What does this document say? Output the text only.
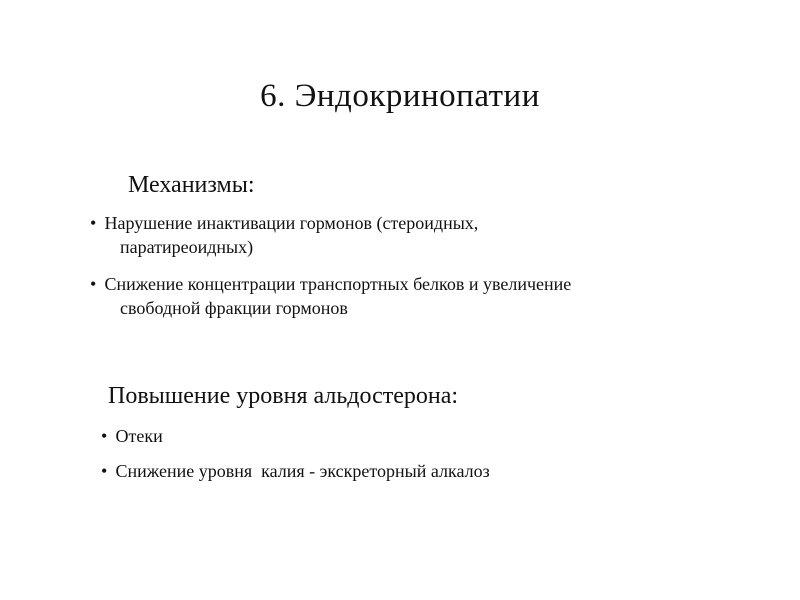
6. Эндокринопатии
Механизмы:
• Нарушение инактивации гормонов (стероидных,
паратиреоидных)
• Снижение концентрации транспортных белков и увеличение
свободной фракции гормонов
Повышение уровня альдостерона:
• Отеки
• Снижение уровня  калия - экскреторный алкалоз
